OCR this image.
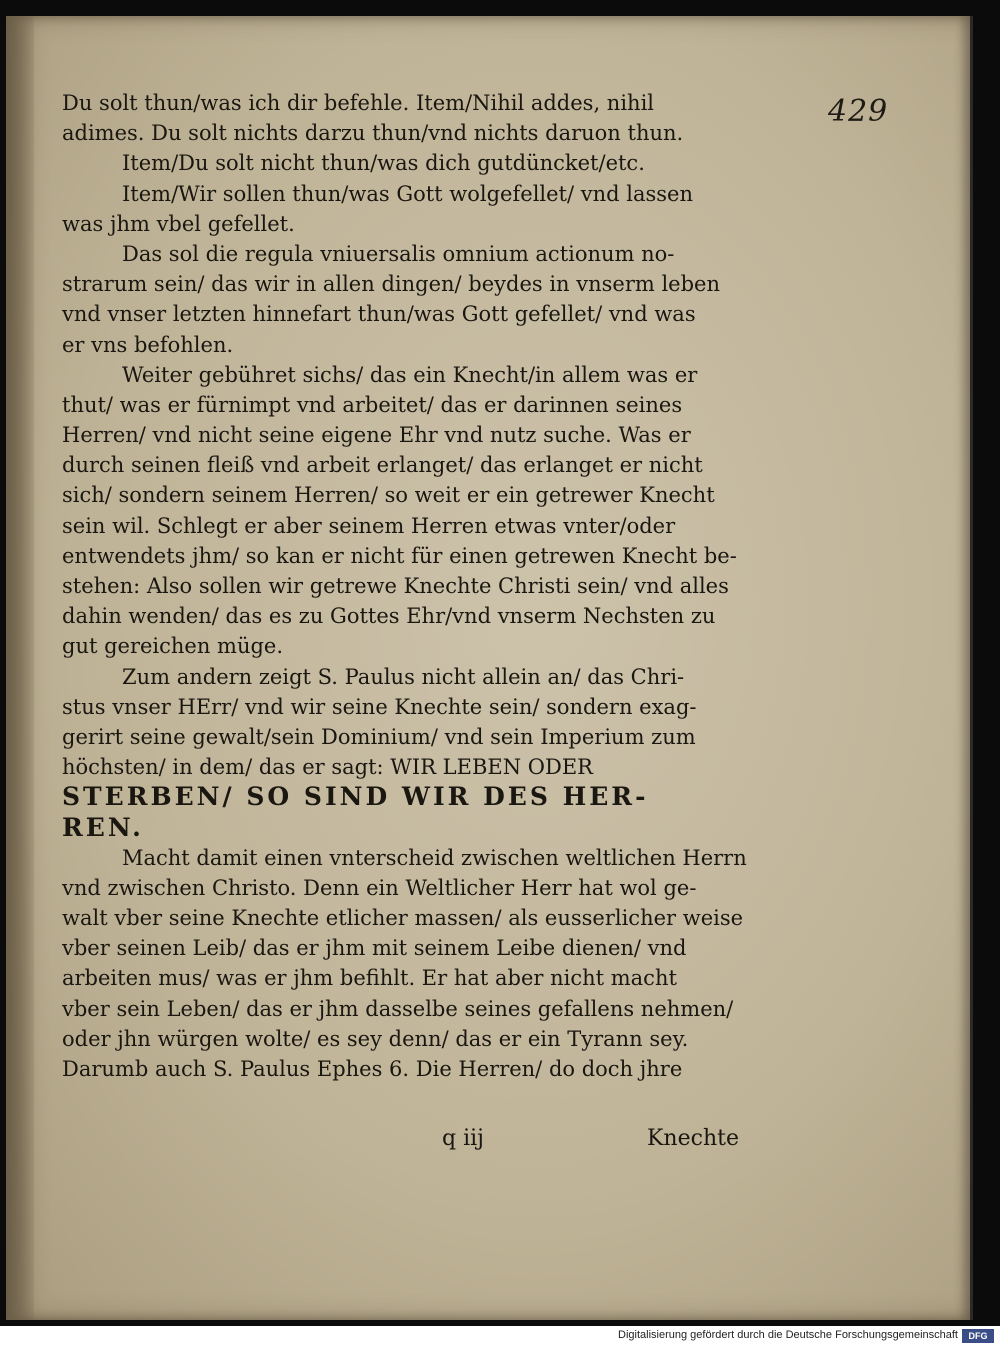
429
Du solt thun/was ich dir befehle. Item/Nihil addes, nihil
adimes. Du solt nichts darzu thun/vnd nichts daruon thun.
Item/Du solt nicht thun/was dich gutdüncket/etc.
Item/Wir sollen thun/was Gott wolgefellet/ vnd lassen
was jhm vbel gefellet.
Das sol die regula vniuersalis omnium actionum no-
strarum sein/ das wir in allen dingen/ beydes in vnserm leben
vnd vnser letzten hinnefart thun/was Gott gefellet/ vnd was
er vns befohlen.
Weiter gebühret sichs/ das ein Knecht/in allem was er
thut/ was er fürnimpt vnd arbeitet/ das er darinnen seines
Herren/ vnd nicht seine eigene Ehr vnd nutz suche. Was er
durch seinen fleiß vnd arbeit erlanget/ das erlanget er nicht
sich/ sondern seinem Herren/ so weit er ein getrewer Knecht
sein wil. Schlegt er aber seinem Herren etwas vnter/oder
entwendets jhm/ so kan er nicht für einen getrewen Knecht be-
stehen: Also sollen wir getrewe Knechte Christi sein/ vnd alles
dahin wenden/ das es zu Gottes Ehr/vnd vnserm Nechsten zu
gut gereichen müge.
Zum andern zeigt S. Paulus nicht allein an/ das Chri-
stus vnser HErr/ vnd wir seine Knechte sein/ sondern exag-
gerirt seine gewalt/sein Dominium/ vnd sein Imperium zum
höchsten/ in dem/ das er sagt: WIR LEBEN ODER
STERBEN/ SO SIND WIR DES HER-
REN.
Macht damit einen vnterscheid zwischen weltlichen Herrn
vnd zwischen Christo. Denn ein Weltlicher Herr hat wol ge-
walt vber seine Knechte etlicher massen/ als eusserlicher weise
vber seinen Leib/ das er jhm mit seinem Leibe dienen/ vnd
arbeiten mus/ was er jhm befihlt. Er hat aber nicht macht
vber sein Leben/ das er jhm dasselbe seines gefallens nehmen/
oder jhn würgen wolte/ es sey denn/ das er ein Tyrann sey.
Darumb auch S. Paulus Ephes 6. Die Herren/ do doch jhre
q iij	Knechte
Digitalisierung gefördert durch die Deutsche Forschungsgemeinschaft	DFG
